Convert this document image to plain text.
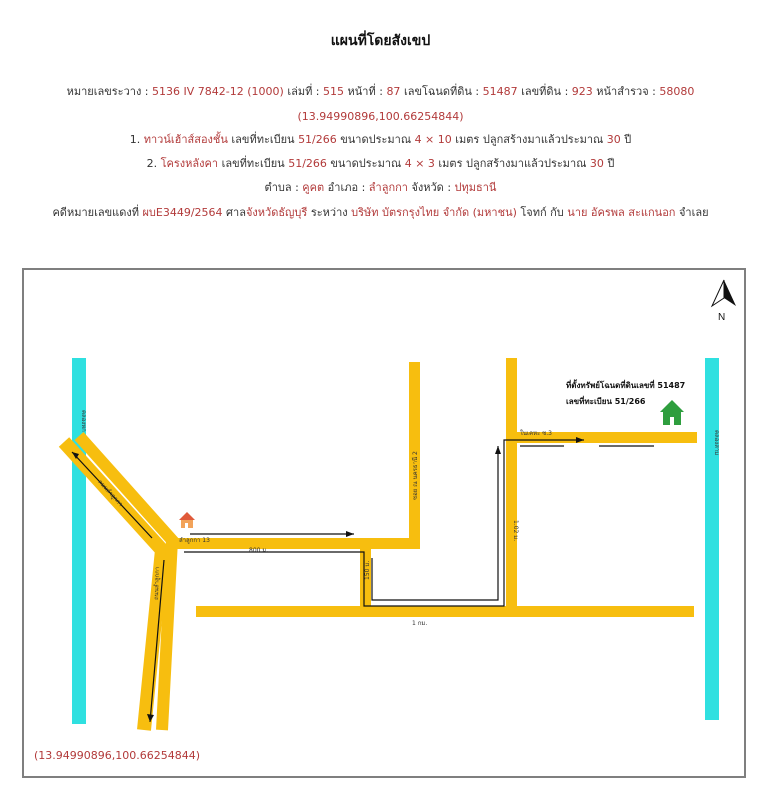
แผนที่โดยสังเขป
หมายเลขระวาง : 5136 IV 7842-12 (1000) เล่มที่ : 515 หน้าที่ : 87 เลขโฉนดที่ดิน : 51487 เลขที่ดิน : 923 หน้าสำรวจ : 58080
(13.94990896,100.66254844)
1. ทาวน์เฮ้าส์สองชั้น เลขที่ทะเบียน 51/266 ขนาดประมาณ 4 × 10 เมตร ปลูกสร้างมาแล้วประมาณ 30 ปี
2. โครงหลังคา เลขที่ทะเบียน 51/266 ขนาดประมาณ 4 × 3 เมตร ปลูกสร้างมาแล้วประมาณ 30 ปี
ตำบล : คูคต อำเภอ : ลำลูกกา จังหวัด : ปทุมธานี
คดีหมายเลขแดงที่ ผบE3449/2564 ศาลจังหวัดธัญบุรี ระหว่าง บริษัท บัตรกรุงไทย จำกัด (มหาชน) โจทก์ กับ นาย อัครพล สะแกนอก จำเลย
N
ที่ตั้งทรัพย์โฉนดที่ดินเลขที่ 51487
เลขที่ทะเบียน 51/266
ลำลูกกา 13
ในเคหะ ซ.3
800 ม.
1 กม.
ถนนลำลูกกา
ถนนลำลูกกา
ซอย ณ นครธานี 2
คลองหก
คลองสาม
1.02 ม.
150 ม.
(13.94990896,100.66254844)
